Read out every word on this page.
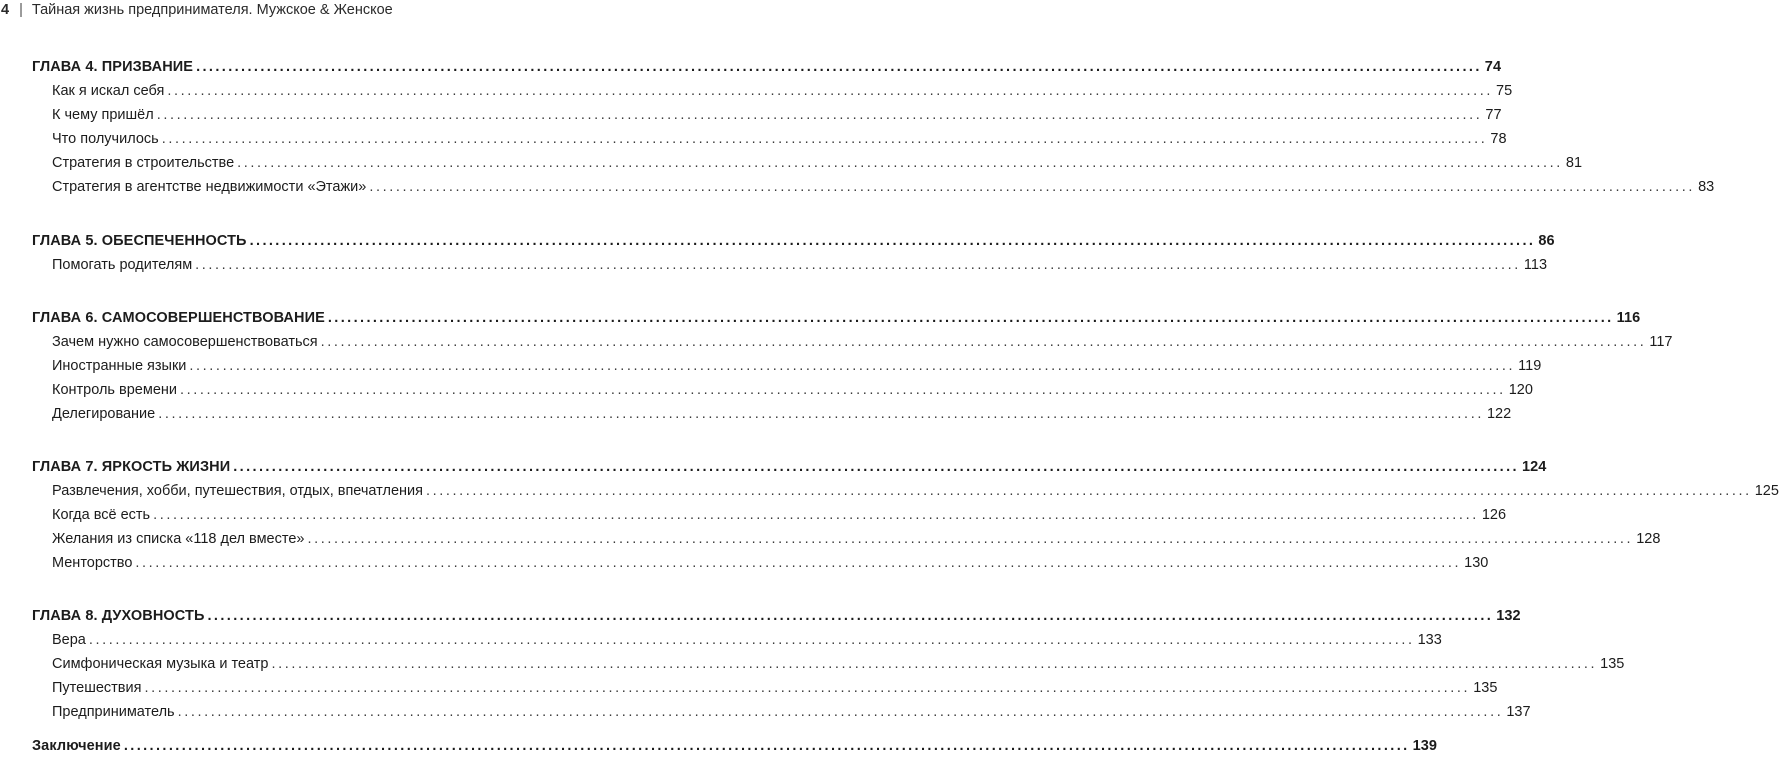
4 | Тайная жизнь предпринимателя. Мужское & Женское
ГЛАВА 4. ПРИЗВАНИЕ ........................................................................................................................................................................................................ 74
Как я искал себя ........................................................................................................................................................................................................ 75
К чему пришёл ........................................................................................................................................................................................................ 77
Что получилось ........................................................................................................................................................................................................ 78
Стратегия в строительстве ........................................................................................................................................................................................................ 81
Стратегия в агентстве недвижимости «Этажи» ........................................................................................................................................................................................................ 83
ГЛАВА 5. ОБЕСПЕЧЕННОСТЬ ........................................................................................................................................................................................................ 86
Помогать родителям ........................................................................................................................................................................................................ 113
ГЛАВА 6. САМОСОВЕРШЕНСТВОВАНИЕ ........................................................................................................................................................................................................ 116
Зачем нужно самосовершенствоваться ........................................................................................................................................................................................................ 117
Иностранные языки ........................................................................................................................................................................................................ 119
Контроль времени ........................................................................................................................................................................................................ 120
Делегирование ........................................................................................................................................................................................................ 122
ГЛАВА 7. ЯРКОСТЬ ЖИЗНИ ........................................................................................................................................................................................................ 124
Развлечения, хобби, путешествия, отдых, впечатления ........................................................................................................................................................................................................ 125
Когда всё есть ........................................................................................................................................................................................................ 126
Желания из списка «118 дел вместе» ........................................................................................................................................................................................................ 128
Менторство ........................................................................................................................................................................................................ 130
ГЛАВА 8. ДУХОВНОСТЬ ........................................................................................................................................................................................................ 132
Вера ........................................................................................................................................................................................................ 133
Симфоническая музыка и театр ........................................................................................................................................................................................................ 135
Путешествия ........................................................................................................................................................................................................ 135
Предприниматель ........................................................................................................................................................................................................ 137
Заключение ........................................................................................................................................................................................................ 139
